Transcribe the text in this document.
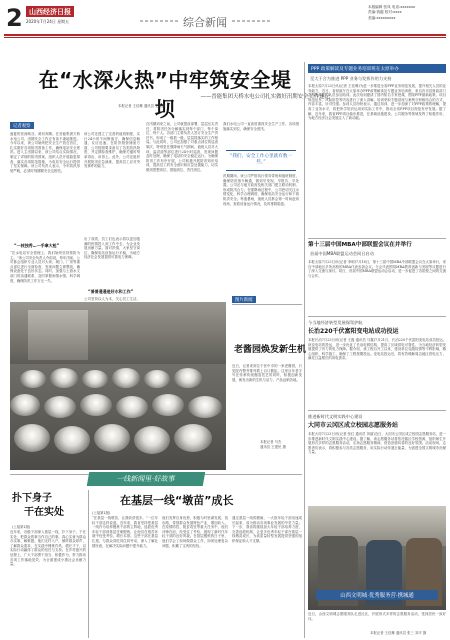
2 山西经济日报
2020年7月24日 星期五	综合新闻
本版编辑 张凤 电话:xxxxxxx
责编:钱越 校对:xxxx
美编:xxxxxxxxx
在“水深火热”中牢筑安全堤坝	——晋能集团天桥水电公司扎实做好汛期安全工作速记
本报记者 王佳琳 通讯员 史晓梅
记者观察
盛夏的晋西峡谷，黄河奔腾。在晋能集团天桥水电公司，汛期安全工作正有条不紊地推进。今年以来，该公司始终把安全生产放在首位，扎实做好各项防汛准备工作，确保电站安全度汛。进入主汛期以来，该公司结合实际情况，制定了详细的防汛预案，组织人员开展隐患排查，落实各项防范措施，为电站安全运行提供了坚实保障。该公司负责人表示，今年防汛形势严峻，必须时刻绷紧安全这根弦。
“一枝独秀…一手拿大枪”
“在水电站安全管理上，我们始终坚持预防为主。”该公司安全负责人介绍说，每年汛前，公司都会组织专业人员对大坝、闸门、厂房等重点部位进行全面检查，发现问题立即整改，确保设备处于良好状态。同时，加强与上游水文部门的沟通联系，及时掌握雨情水情，科学调度，确保防汛工作万无一失。
该公司还建立了完善的值班制度，实行24小时不间断值守，确保信息畅通、反应迅速。在防汛物资储备方面，公司按照要求备足了各类防汛物资，并定期检查维护，确保关键时刻拿得出、用得上。此外，公司还组织开展防汛应急演练，提高员工应对突发事件的能力。
出了成绩，员工们也表示将以更加饱满的热情投入到工作中去，为企业发展贡献力量。面对汛情，大家坚守岗位，确保电站设备运行平稳，为地方经济社会发展提供可靠电力保障。
“普普通通是好水和工作”
公司坚持以人为本，关心员工生活，
在汛期到来之前，公司就提前部署，层层压实责任，将防汛任务分解落实到每个部门、每个岗位、每个人。各部门主要负责人签订安全生产责任书，形成了一级抓一级、层层抓落实的工作格局。与此同时，公司还加强了对重点部位的巡查频次，特别是在强降雨天气期间，值班人员对大坝、溢洪道等部位进行24小时巡查，发现问题及时处理，确保了电站的安全稳定运行。为确保防汛工作有序开展，公司积极开展防汛知识培训，提高员工的安全意识和应急处置能力，切实做到思想到位、措施到位、责任到位。
我们水电公司一直高度重视安全生产工作，各项措施落实到位，确保安全度汛。
“我们，安全工作心里就有数一些。”
汛期期间，该公司严格执行领导带班和值班制度，确保防汛指令畅通，做到早发现、早报告、早处置。公司还与地方政府及相关部门建立联动机制，形成防汛合力。在强降雨过程中，公司密切关注水情变化，科学合理调度，确保电站安全运行和下游防洪安全。每逢暴雨，值班人员都会第一时间赶到现场，查看设备运行情况，及时排除隐患。
图片新闻
老酱园焕发新生机
近日，记者来到位于晋中市的一家老酱园，只见院内整齐排列着上百口酱缸。这家百年老字号在传承传统酿造技艺的同时，积极创新发展，焕发出新的生机与活力，产品远销各地。
本报记者 马杰
通讯员 王建民 摄
一线新闻里·好故事
扑下身子
干在实处
(上接第1版)
近年来，各级干部深入基层一线，扑下身子、干在实处，把群众的事当作自己的事，真心实意为群众办实事、解难题。他们走村入户，倾听群众呼声，了解群众需求，在实践中锤炼作风、增长才干，以实际行动赢得了群众的信任与支持。在乡村振兴的征程上，广大干部勇于担当、积极作为，努力推动各项工作落地见效，为全面建成小康社会贡献力量。
在基层一线“墩苗”成长
(上接第1版)
“在基层一线墩苗，让我收获很多。”一位年轻干部这样说道。近年来，我省坚持把基层一线作为培养锻炼干部的主阵地，选派优秀年轻干部到基层任职锻炼，让他们在艰苦环境中经受考验、增长本领。这些干部在基层扎根，与群众同吃同住同劳动，深入了解社情民意，在解决实际问题中提升能力。
他们发挥自身优势，积极为村里谋发展、找出路，带领群众发展特色产业，增加收入。在疫情防控、脱贫攻坚等重大任务中，他们冲锋在前，经受住了考验，展现了新时代年轻干部的良好风貌。在基层锻炼的日子里，他们学会了如何做群众工作，如何处理复杂问题，积累了宝贵的经验。
通过基层一线的磨砺，一大批年轻干部迅速成长起来，成为推动各项事业发展的中坚力量。下一步，我省将继续加大年轻干部培养力度，完善选派机制，让更多优秀年轻干部在基层一线墩苗成长，为高质量转型发展提供坚强的组织保证和人才支撑。
PPP 政策解读及专题业务培训班在太原举办
至大于合为推进 PPP 业务与发挥作用力支持
本报太原7月23日讯(记者 王佳琳)为进一步推进全省PPP业务规范发展，提升相关人员的业务能力，近日，省财政厅在太原举办PPP政策解读及专题业务培训班，来自各市县财政部门及相关单位的人员参加培训。此次培训邀请了国内知名专家授课，围绕PPP最新政策、项目规范运作、风险防控等内容进行了深入讲解。培训采取专题讲座与案例分析相结合的方式，内容丰富，针对性强。参训人员纷纷表示，通过培训，进一步加深了对PPP政策的理解，提高了业务水平，将把所学知识运用到实际工作中，推动全省PPP项目规范有序发展。据了解，近年来，我省PPP项目稳步推进，在基础设施建设、公共服务等领域发挥了积极作用，为地方经济社会发展注入了新动能。
第十三届中国MBA中部联盟会议在并举行
首届中国MBA联盟运动会同日启动
本报太原7月23日讯(记者 李明)7月18日，第十三届中国MBA中部联盟会议在太原举行，来自中部地区多所高校的MBA代表参加会议。与会代表围绕MBA教育创新与发展等议题进行了深入交流与探讨。同日，首届中国MBA联盟运动会启动，进一步促进了各院校之间的交流与合作。
今当地经济转型发展保驾护航
长治220千伏富阳变电站成功投运
本报长治7月23日讯(记者 王磊 通讯员 马鑫)7月21日，长治220千伏富阳变电站成功投运。该变电站的投运，进一步优化了长治电网结构，提高了区域供电可靠性，为当地经济转型发展提供了有力的电力保障。据介绍，该工程自开工以来，建设单位克服疫情等不利影响，精心组织，科学施工，确保了工程按期投运。变电站投运后，将有效缓解周边地区供电压力，满足日益增长的用电需求。
推进新时代文明实践中心建设
大同市云冈区成立校园志愿服务站
本报大同7月23日讯(记者 张红 通讯员 刘丽)近日，大同市云冈区成立校园志愿服务站，进一步推进新时代文明实践中心建设。据了解，该志愿服务站将依托辖区学校资源，组织师生开展形式多样的志愿服务活动，弘扬志愿服务精神，营造崇德向善的良好氛围。活动现场，志愿者们表示，将积极参与各类志愿服务，用实际行动传递正能量，为创建全国文明城市贡献力量。
山西文明城·优秀服务营·携城通
近日，山西文明城志愿服务队走进社区，开展形式多样的志愿服务活动，受到居民一致好评。
本报记者 王佳琳 通讯员 张三 刘平 摄
